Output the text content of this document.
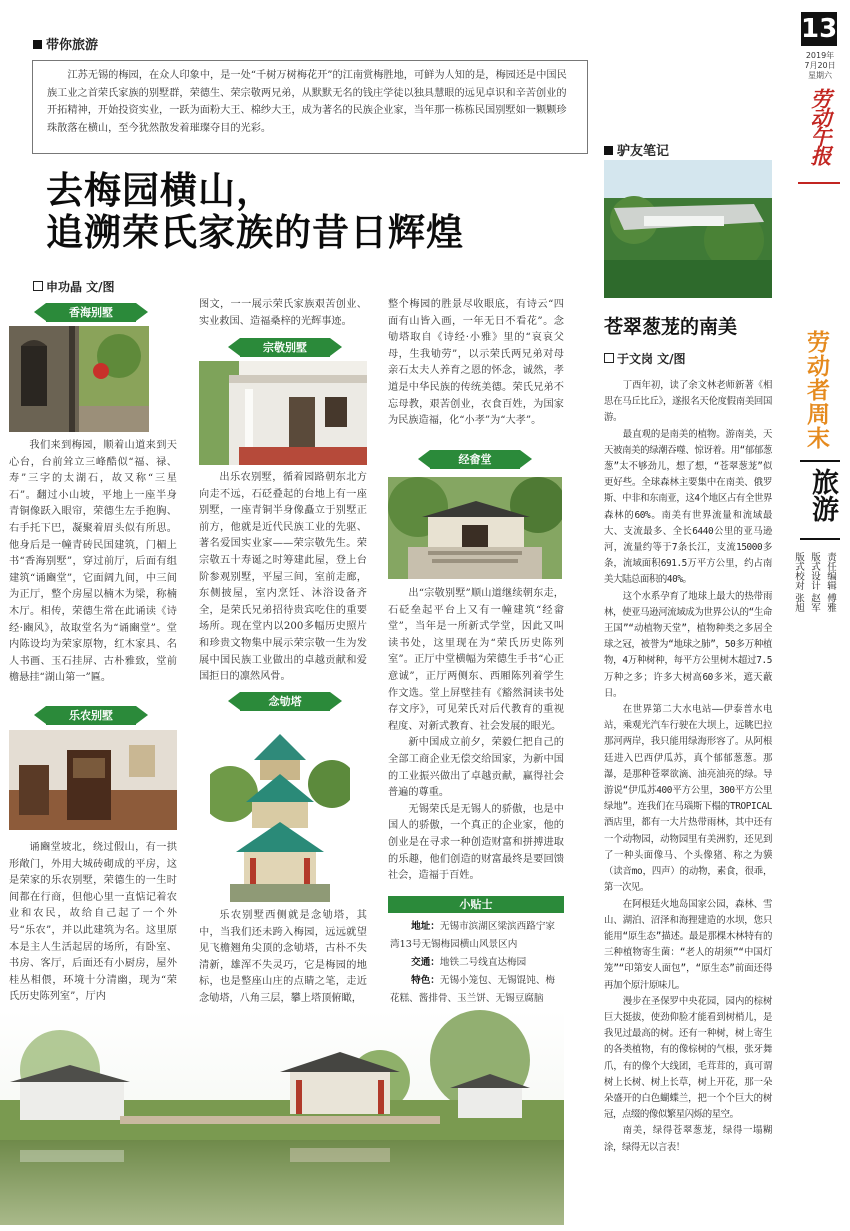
带你旅游
江苏无锡的梅园，在众人印象中，是一处“千树万树梅花开”的江南赏梅胜地，可鲜为人知的是，梅园还是中国民族工业之首荣氏家族的别墅群，荣德生、荣宗敬两兄弟，从默默无名的钱庄学徒以独具慧眼的远见卓识和辛苦创业的开拓精神，开始投资实业，一跃为面粉大王、棉纱大王，成为著名的民族企业家，当年那一栋栋民国别墅如一颗颗珍珠散落在横山，至今犹然散发着璀璨夺目的光彩。
去梅园横山，
追溯荣氏家族的昔日辉煌
申功晶 文/图
香海别墅

我们来到梅园，顺着山道来到天心台，台前耸立三峰酷似“福、禄、寿”三字的太湖石，故又称“三星石”。翻过小山坡，平地上一座半身青铜像跃入眼帘，荣德生左手抱胸、右手托下巴，凝聚着眉头似有所思。他身后是一幢青砖民国建筑，门楣上书“香海别墅”，穿过前厅，后面有组建筑“诵豳堂”，它面阔九间，中三间为正厅，整个房屋以楠木为梁，称楠木厅。相传，荣德生常在此诵读《诗经·豳风》，故取堂名为“诵豳堂”。堂内陈设均为荣家原物，红木家具、名人书画、玉石挂屏、古朴雅致，堂前檐悬挂“湖山第一”匾。

乐农别墅

诵豳堂坡北，绕过假山，有一拱形敞门，外用大城砖砌成的平房，这是荣家的乐农别墅，荣德生的一生时间都在行商，但他心里一直惦记着农业和农民，故给自己起了一个外号“乐农”，并以此建筑为名。这里原本是主人生活起居的场所，有卧室、书房、客厅，后面还有小厨房，屋外桂丛相偎，环境十分清幽，现为“荣氏历史陈列室”，厅内

图文，一一展示荣氏家族艰苦创业、实业救国、造福桑梓的光辉事迹。

宗敬别墅

出乐农别墅，循着园路朝东北方向走不远，石砭叠起的台地上有一座别墅，一座青铜半身像矗立于别墅正前方，他就是近代民族工业的先驱、著名爱国实业家——荣宗敬先生。荣宗敬五十寿诞之时筹建此屋，登上台阶参观别墅，平屋三间，室前走廊，东侧披屋，室内烹饪、沐浴设备齐全，是荣氏兄弟招待贵宾吃住的重要场所。现在堂内以200多幅历史照片和珍贵文物集中展示荣宗敬一生为发展中国民族工业做出的卓越贡献和爱国拒日的凛然风骨。

念劬塔

乐农别墅西侧就是念劬塔，其中，当我们还未跨入梅园，远远就望见飞檐翘角尖顶的念劬塔，古朴不失清新，雄浑不失灵巧，它是梅园的地标，也是整座山庄的点睛之笔，走近念劬塔，八角三层，攀上塔顶俯瞰，

整个梅园的胜景尽收眼底，有诗云“四面有山皆入画，一年无日不看花”。念劬塔取自《诗经·小雅》里的“哀哀父母，生我劬劳”，以示荣氏两兄弟对母亲石太夫人养育之恩的怀念，诚然，孝道是中华民族的传统美德。荣氏兄弟不忘母教，艰苦创业，衣食百姓，为国家为民族造福，化“小孝”为“大孝”。

经畲堂

出“宗敬别墅”顺山道继续朝东走，石砭垒起平台上又有一幢建筑“经畲堂”，当年是一所新式学堂，因此又叫读书处，这里现在为“荣氏历史陈列室”。正厅中堂横幅为荣德生手书“心正意诚”，正厅两侧东、西厢陈列着学生作文选。堂上屏壁挂有《豁然洞读书处存文序》，可见荣氏对后代教育的重视程度、对新式教育、社会发展的眼光。

新中国成立前夕，荣毅仁把自己的全部工商企业无偿交给国家，为新中国的工业振兴做出了卓越贡献，赢得社会普遍的尊重。

无锡荣氏是无锡人的骄傲，也是中国人的骄傲，一个真正的企业家，他的创业是在寻求一种创造财富和拼搏进取的乐趣，他们创造的财富最终是要回馈社会，造福于百姓。

小贴士
地址：无锡市滨湖区梁滨西路宁家湾13号无锡梅园横山风景区内
交通：地铁二号线直达梅园
特色：无锡小笼包、无锡馄饨、梅花糕、酱排骨、玉兰饼、无锡豆腐脑
驴友笔记
苍翠葱茏的南美
于文岗 文/图

丁酉年初，读了余文林老师新著《相思在马丘比丘》，遂报名天伦度假南美回国游。

最直观的是南美的植物。游南美，天天被南美的绿潮吞噬、惊讶着。用“郁郁葱葱”太不够劲儿，想了想，“苍翠葱茏”似更好些。全球森林主要集中在南美、俄罗斯、中非和东南亚，这4个地区占有全世界森林的60%。南美有世界流量和流域最大、支流最多、全长6440公里的亚马逊河，流量约等于7条长江，支流15000多条，流域面积691.5万平方公里，约占南美大陆总面积的40%。

这个水系孕育了地球上最大的热带雨林，使亚马逊河流域成为世界公认的“生命王国”“动植物天堂”，植物种类之多居全球之冠，被誉为“地球之肺”，50多万种植物，4万种树种，每平方公里树木超过7.5万种之多；许多大树高60多米，遮天蔽日。

在世界第二大水电站——伊泰普水电站，乘观光汽车行驶在大坝上，远眺巴拉那河两岸，我只能用绿海形容了。从阿根廷进入巴西伊瓜苏，真个郁郁葱葱。那瀑，是那种苍翠欲滴、油亮油亮的绿。导游说“伊瓜苏400平方公里，300平方公里绿地”。连我们在马瑙斯下榻的TROPICAL酒店里，都有一大片热带雨林，其中还有一个动物园，动物园里有美洲豹，还见到了一种头面像马、个头像猪、称之为貘（读音mo，四声）的动物，素食，很乖，第一次见。

在阿根廷火地岛国家公园，森林、雪山、湖泊、沼泽和海狸建造的水坝，您只能用“原生态”描述。最是那棵木林特有的三种植物寄生菌：“老人的胡须”“中国灯笼”“印第安人面包”，“原生态”前面还得再加个原汁原味儿。

漫步在圣保罗中央花园，园内的棕树巨大挺拔，使劲仰脸才能看到树梢儿，是我见过最高的树。还有一种树，树上寄生的各类植物，有的像棕树的气根，张牙舞爪，有的像个大线团，毛茸茸的，真可谓树上长树、树上长草，树上开花，那一朵朵盛开的白色蝴蝶兰，把一个个巨大的树冠，点缀的像似繁星闪烁的星空。

南美，绿得苍翠葱茏，绿得一塌糊涂，绿得无以言表！

13
2019年
7月20日
星期六
劳动午报
劳动者周末
旅游
责任编辑 傅雅
版式设计 赵军
版式校对 张旭
